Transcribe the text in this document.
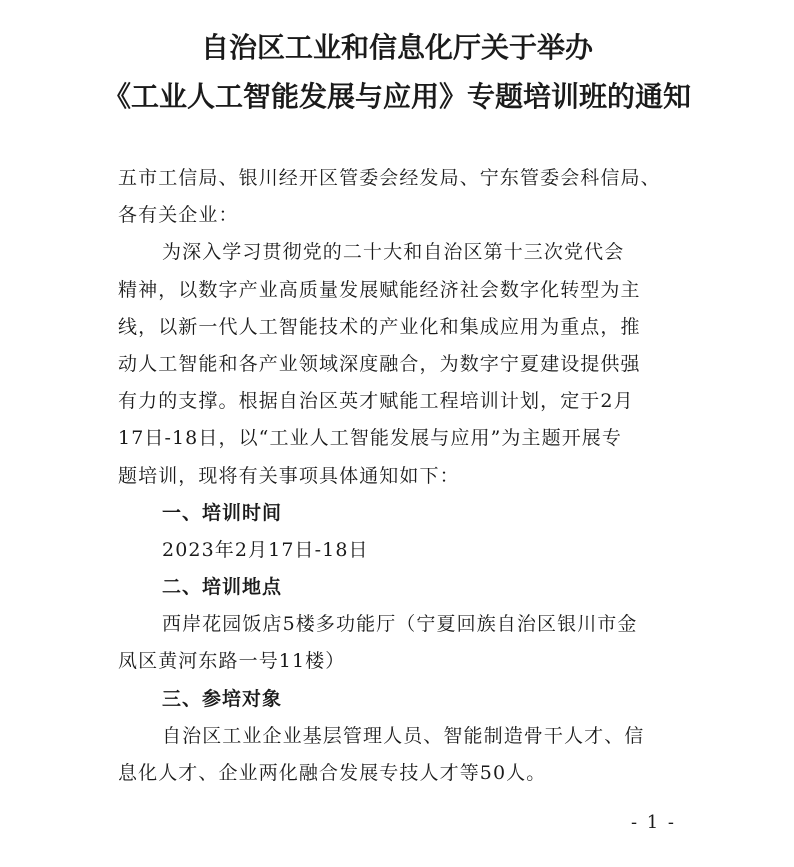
自治区工业和信息化厅关于举办
《工业人工智能发展与应用》专题培训班的通知
五市工信局、银川经开区管委会经发局、宁东管委会科信局、
各有关企业：
为深入学习贯彻党的二十大和自治区第十三次党代会
精神，以数字产业高质量发展赋能经济社会数字化转型为主
线，以新一代人工智能技术的产业化和集成应用为重点，推
动人工智能和各产业领域深度融合，为数字宁夏建设提供强
有力的支撑。根据自治区英才赋能工程培训计划，定于2月
17日-18日，以“工业人工智能发展与应用”为主题开展专
题培训，现将有关事项具体通知如下：
一、培训时间
2023年2月17日-18日
二、培训地点
西岸花园饭店5楼多功能厅（宁夏回族自治区银川市金
凤区黄河东路一号11楼）
三、参培对象
自治区工业企业基层管理人员、智能制造骨干人才、信
息化人才、企业两化融合发展专技人才等50人。
- 1 -
